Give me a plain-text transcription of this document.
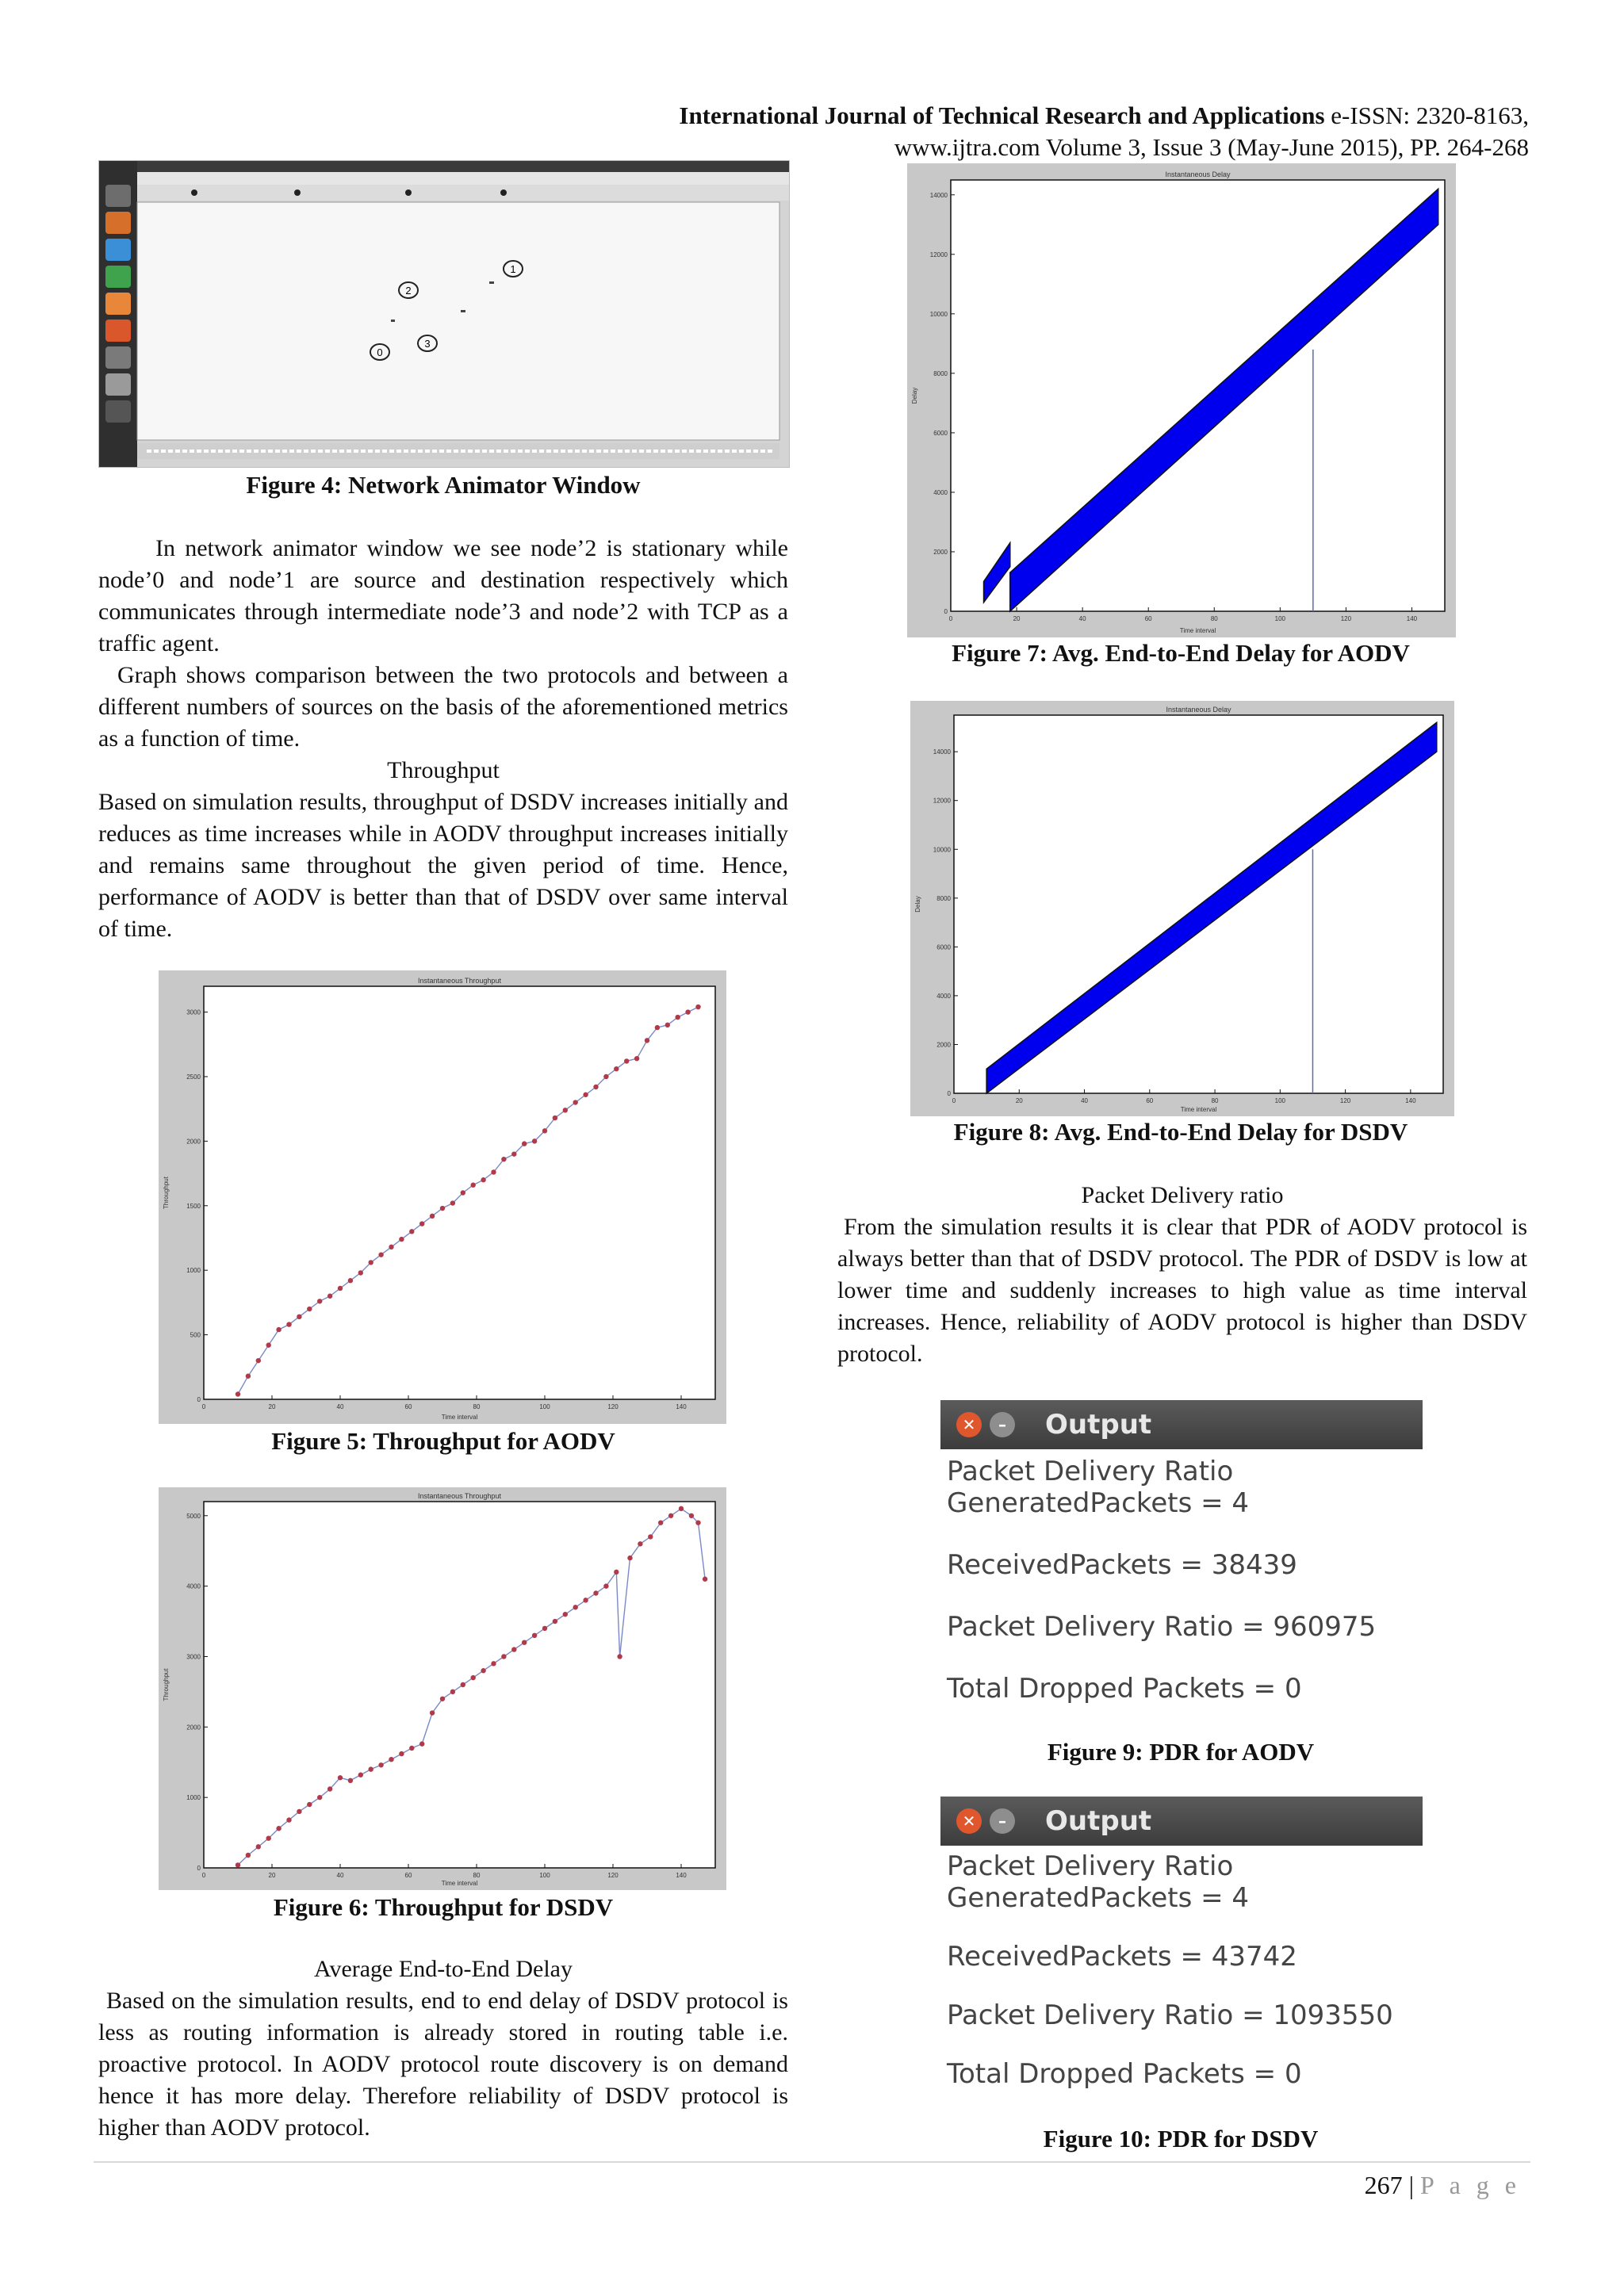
International Journal of Technical Research and Applications e-ISSN: 2320-8163,
www.ijtra.com Volume 3, Issue 3 (May-June 2015), PP. 264-268
2
1
3
0
Figure 4: Network Animator Window

In network animator window we see node’2 is stationary while node’0 and node’1 are source and destination respectively which communicates through intermediate node’3 and node’2 with TCP as a traffic agent.

Graph shows comparison between the two protocols and between a different numbers of sources on the basis of the aforementioned metrics as a function of time.

Throughput

Based on simulation results, throughput of DSDV increases initially and reduces as time increases while in AODV throughput increases initially and remains same throughout the given period of time. Hence, performance of AODV is better than that of DSDV over same interval of time.

Instantaneous Throughput
0	20	40	60	80	100	120	140
0
500
1000
1500
2000
2500
3000
Time interval
Throughput
Figure 5: Throughput for AODV
Instantaneous Throughput
0	20	40	60	80	100	120	140
0
1000
2000
3000
4000
5000
Time interval
Throughput
Figure 6: Throughput for DSDV

Average End-to-End Delay

Based on the simulation results, end to end delay of DSDV protocol is less as routing information is already stored in routing table i.e. proactive protocol. In AODV protocol route discovery is on demand hence it has more delay. Therefore reliability of DSDV protocol is higher than AODV protocol.

Instantaneous Delay
0	20	40	60	80	100	120	140
0
2000
4000
6000
8000
10000
12000
14000
Time interval
Delay
Figure 7: Avg. End-to-End Delay for AODV
Instantaneous Delay
0	20	40	60	80	100	120	140
0
2000
4000
6000
8000
10000
12000
14000
Time interval
Delay
Figure 8: Avg. End-to-End Delay for DSDV

Packet Delivery ratio

From the simulation results it is clear that PDR of AODV protocol is always better than that of DSDV protocol. The PDR of DSDV is low at lower time and suddenly increases to high value as time interval increases. Hence, reliability of AODV protocol is higher than DSDV protocol.

✕	–	Output
Packet Delivery Ratio
GeneratedPackets = 4
ReceivedPackets = 38439
Packet Delivery Ratio = 960975
Total Dropped Packets = 0
Figure 9: PDR for AODV
✕	–	Output
Packet Delivery Ratio
GeneratedPackets = 4
ReceivedPackets = 43742
Packet Delivery Ratio = 1093550
Total Dropped Packets = 0
Figure 10: PDR for DSDV
267 | P a g e
